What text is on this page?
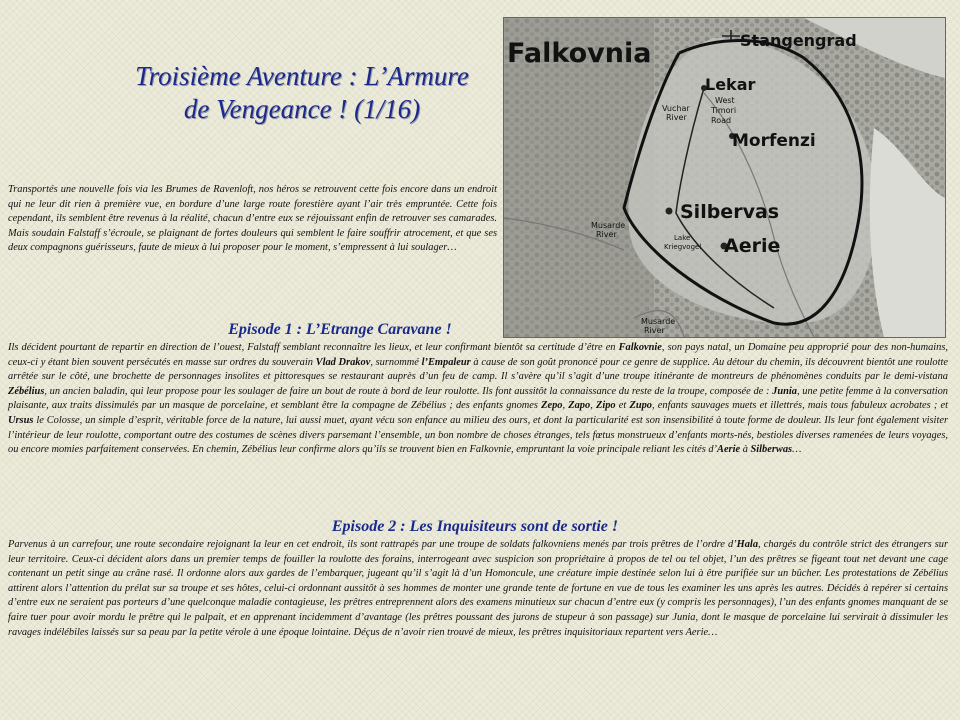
Troisième Aventure : L’Armure
de Vengeance ! (1/16)
Falkovnia	Stangengrad
Lekar
West
Timori
Road
Vuchar
River
Morfenzi
Musarde
River
Silbervas
Lake
Kriegvogel Aerie
Musarde
River

Transportés une nouvelle fois via les Brumes de Ravenloft, nos héros se retrouvent cette fois encore dans un endroit qui ne leur dit rien à première vue, en bordure d’une large route forestière ayant l’air très empruntée. Cette fois cependant, ils semblent être revenus à la réalité, chacun d’entre eux se réjouissant enfin de retrouver ses camarades. Mais soudain Falstaff s’écroule, se plaignant de fortes douleurs qui semblent le faire souffrir atrocement, et que ses deux compagnons guérisseurs, faute de mieux à lui proposer pour le moment, s’empressent à lui soulager…

Episode 1 : L’Etrange Caravane !

Ils décident pourtant de repartir en direction de l’ouest, Falstaff semblant reconnaître les lieux, et leur confirmant bientôt sa certitude d’être en Falkovnie, son pays natal, un Domaine peu approprié pour des non-humains, ceux-ci y étant bien souvent persécutés en masse sur ordres du souverain Vlad Drakov, surnommé l’Empaleur à cause de son goût prononcé pour ce genre de supplice. Au détour du chemin, ils découvrent bientôt une roulotte arrêtée sur le côté, une brochette de personnages insolites et pittoresques se restaurant auprès d’un feu de camp. Il s’avère qu’il s’agit d’une troupe itinérante de montreurs de phénomènes conduits par le demi-vistana Zébélius, un ancien baladin, qui leur propose pour les soulager de faire un bout de route à bord de leur roulotte. Ils font aussitôt la connaissance du reste de la troupe, composée de : Junia, une petite femme à la conversation plaisante, aux traits dissimulés par un masque de porcelaine, et semblant être la compagne de Zébélius ; des enfants gnomes Zepo, Zapo, Zipo et Zupo, enfants sauvages muets et illettrés, mais tous fabuleux acrobates ; et Ursus le Colosse, un simple d’esprit, véritable force de la nature, lui aussi muet, ayant vécu son enfance au milieu des ours, et dont la particularité est son insensibilité à toute forme de douleur. Ils leur font également visiter l’intérieur de leur roulotte, comportant outre des costumes de scènes divers parsemant l’ensemble, un bon nombre de choses étranges, tels fœtus monstrueux d’enfants morts-nés, bestioles diverses ramenées de leurs voyages, ou encore momies parfaitement conservées. En chemin, Zébélius leur confirme alors qu’ils se trouvent bien en Falkovnie, empruntant la voie principale reliant les cités d’Aerie à Silberwas…

Episode 2 : Les Inquisiteurs sont de sortie !

Parvenus à un carrefour, une route secondaire rejoignant la leur en cet endroit, ils sont rattrapés par une troupe de soldats falkovniens menés par trois prêtres de l’ordre d’Hala, chargés du contrôle strict des étrangers sur leur territoire. Ceux-ci décident alors dans un premier temps de fouiller la roulotte des forains, interrogeant avec suspicion son propriétaire à propos de tel ou tel objet, l’un des prêtres se figeant tout net devant une cage contenant un petit singe au crâne rasé. Il ordonne alors aux gardes de l’embarquer, jugeant qu’il s’agit là d’un Homoncule, une créature impie destinée selon lui à être purifiée sur un bûcher. Les protestations de Zébélius attirent alors l’attention du prélat sur sa troupe et ses hôtes, celui-ci ordonnant aussitôt à ses hommes de monter une grande tente de fortune en vue de tous les examiner les uns après les autres. Décidés à repérer si certains d’entre eux ne seraient pas porteurs d’une quelconque maladie contagieuse, les prêtres entreprennent alors des examens minutieux sur chacun d’entre eux (y compris les personnages), l’un des enfants gnomes manquant de se faire tuer pour avoir mordu le prêtre qui le palpait, et en apprenant incidemment d’avantage (les prêtres poussant des jurons de stupeur à son passage) sur Junia, dont le masque de porcelaine lui servirait à dissimuler les ravages indélébiles laissés sur sa peau par la petite vérole à une époque lointaine. Déçus de n’avoir rien trouvé de mieux, les prêtres inquisitoriaux repartent vers Aerie…
